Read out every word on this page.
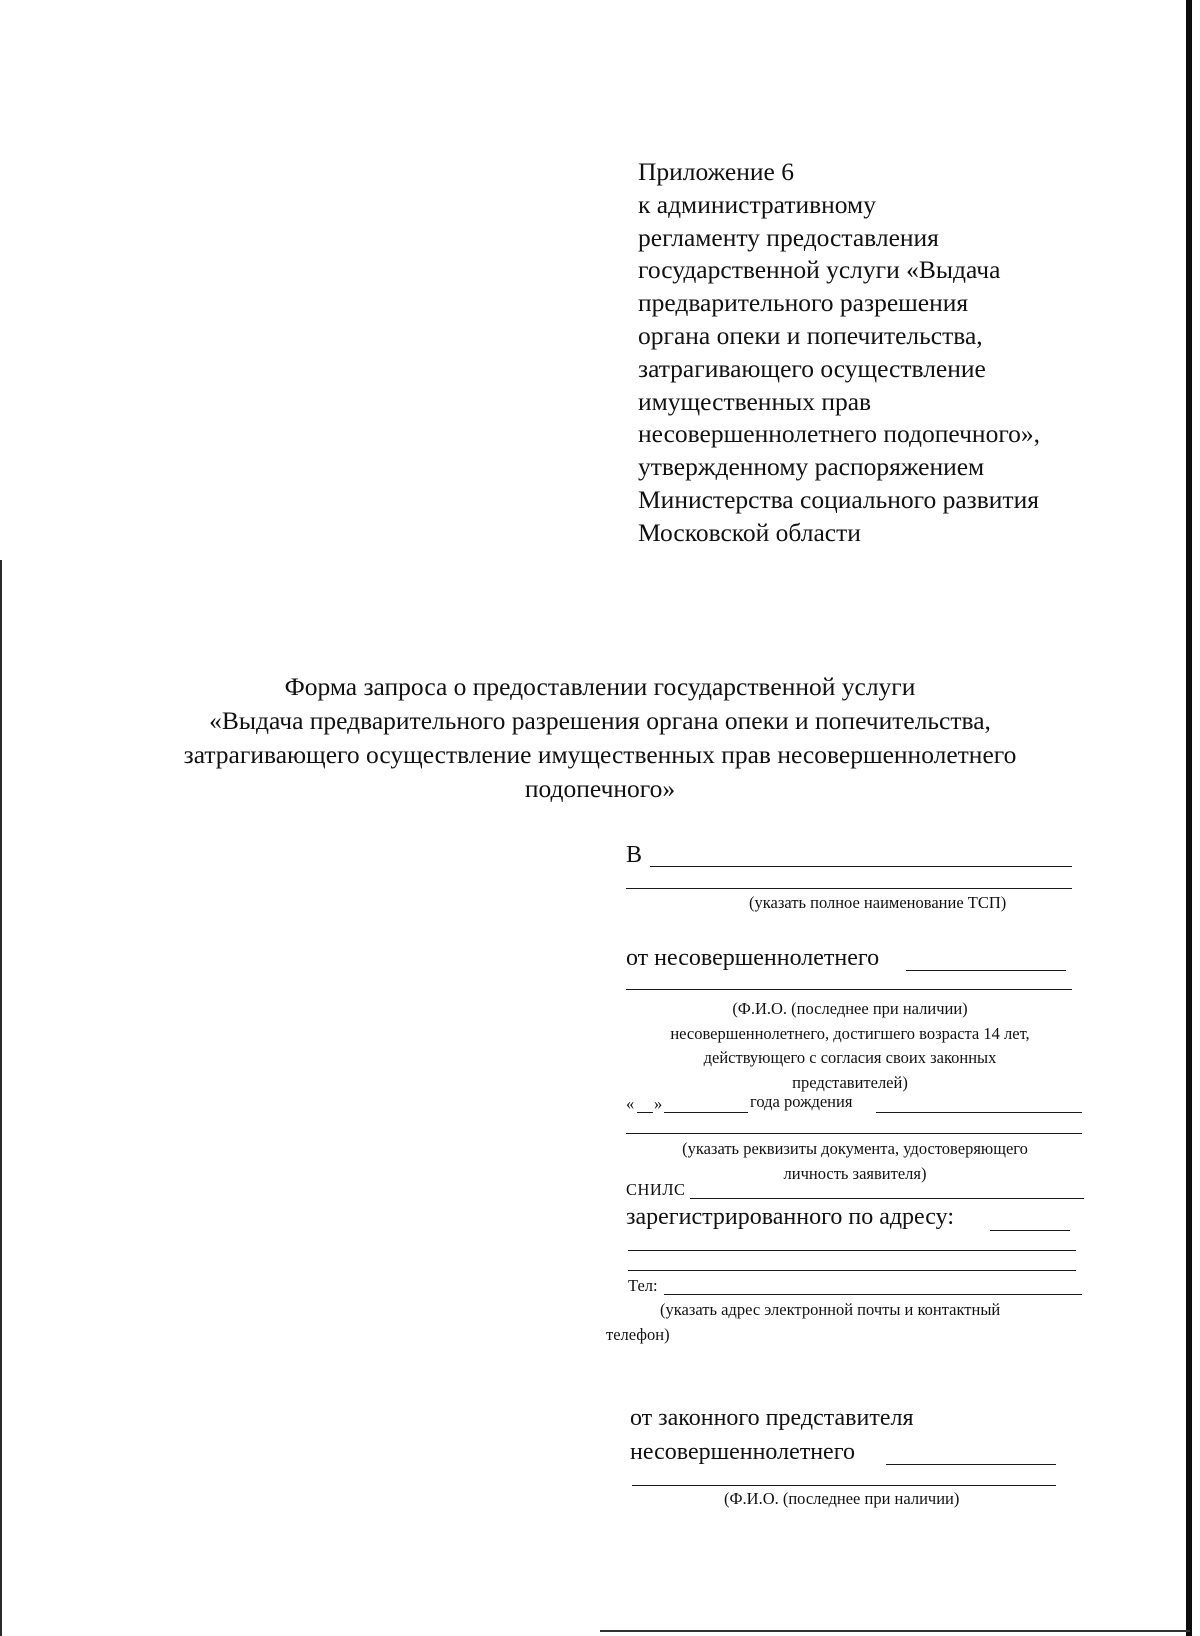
Приложение 6
к административному
регламенту предоставления
государственной услуги «Выдача
предварительного разрешения
органа опеки и попечительства,
затрагивающего осуществление
имущественных прав
несовершеннолетнего подопечного»,
утвержденному распоряжением
Министерства социального развития
Московской области
Форма запроса о предоставлении государственной услуги
«Выдача предварительного разрешения органа опеки и попечительства,
затрагивающего осуществление имущественных прав несовершеннолетнего
подопечного»
В
(указать полное наименование ТСП)
от несовершеннолетнего
(Ф.И.О. (последнее при наличии)
несовершеннолетнего, достигшего возраста 14 лет,
действующего с согласия своих законных
представителей)
« »	года рождения
(указать реквизиты документа, удостоверяющего
личность заявителя)
СНИЛС
зарегистрированного по адресу:
Тел:
(указать адрес электронной почты и контактный
телефон)
от законного представителя
несовершеннолетнего
(Ф.И.О. (последнее при наличии)
